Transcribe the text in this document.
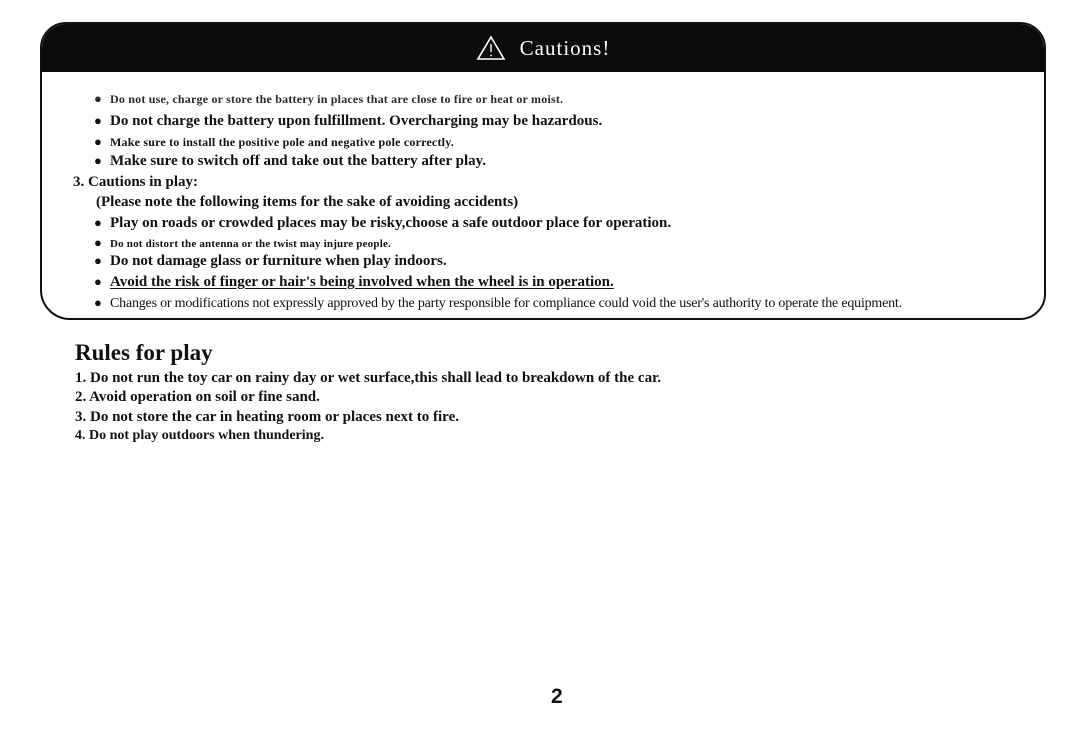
Cautions!
● Do not use, charge or store the battery in places that are close to fire or heat or moist.
● Do not charge the battery upon fulfillment. Overcharging may be hazardous.
● Make sure to install the positive pole and negative pole correctly.
● Make sure to switch off and take out the battery after play.
3. Cautions in play:
(Please note the following items for the sake of avoiding accidents)
● Play on roads or crowded places may be risky,choose a safe outdoor place for operation.
● Do not distort the antenna or the twist may injure people.
● Do not damage glass or furniture when play indoors.
● Avoid the risk of finger or hair's being involved when the wheel is in operation.
● Changes or modifications not expressly approved by the party responsible for compliance could void the user's authority to operate the equipment.
Rules for play
1. Do not run the toy car on rainy day or wet surface,this shall lead to breakdown of the car.
2. Avoid operation on soil or fine sand.
3. Do not store the car in heating room or places next to fire.
4. Do not play outdoors when thundering.
2
